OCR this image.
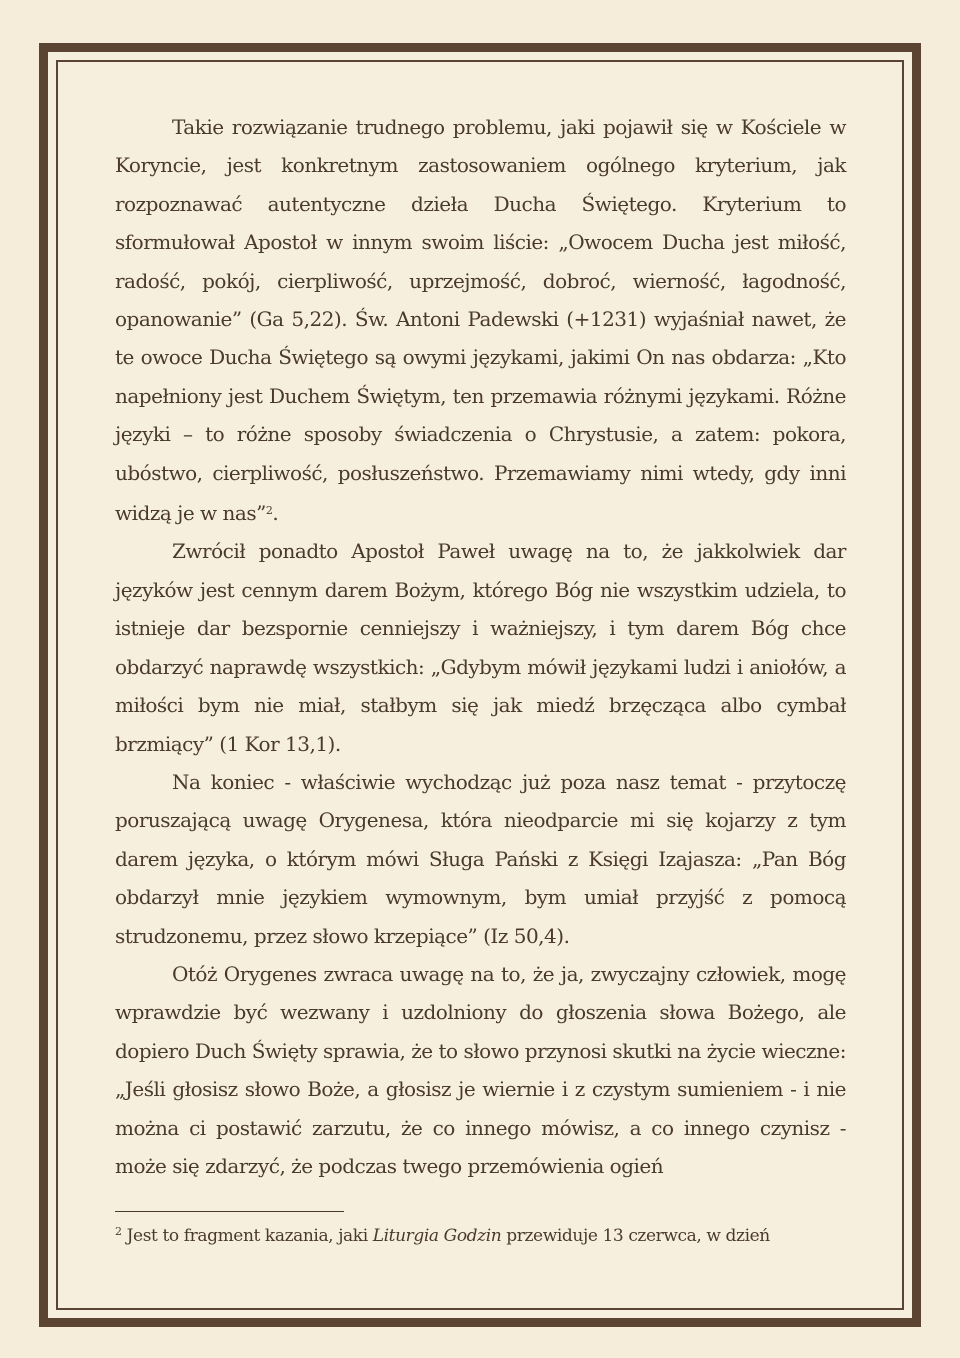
Takie rozwiązanie trudnego problemu, jaki pojawił się w Kościele w Koryncie, jest konkretnym zastosowaniem ogólnego kryterium, jak rozpoznawać autentyczne dzieła Ducha Świętego. Kryterium to sformułował Apostoł w innym swoim liście: „Owocem Ducha jest miłość, radość, pokój, cierpliwość, uprzejmość, dobroć, wierność, łagodność, opanowanie” (Ga 5,22). Św. Antoni Padewski (+1231) wyjaśniał nawet, że te owoce Ducha Świętego są owymi językami, jakimi On nas obdarza: „Kto napełniony jest Duchem Świętym, ten przemawia różnymi językami. Różne języki – to różne sposoby świadczenia o Chrystusie, a zatem: pokora, ubóstwo, cierpliwość, posłuszeństwo. Przemawiamy nimi wtedy, gdy inni widzą je w nas”$^2$.

Zwrócił ponadto Apostoł Paweł uwagę na to, że jakkolwiek dar języków jest cennym darem Bożym, którego Bóg nie wszystkim udziela, to istnieje dar bezspornie cenniejszy i ważniejszy, i tym darem Bóg chce obdarzyć naprawdę wszystkich: „Gdybym mówił językami ludzi i aniołów, a miłości bym nie miał, stałbym się jak miedź brzęcząca albo cymbał brzmiący” (1 Kor 13,1).

Na koniec - właściwie wychodząc już poza nasz temat - przytoczę poruszającą uwagę Orygenesa, która nieodparcie mi się kojarzy z tym darem języka, o którym mówi Sługa Pański z Księgi Izajasza: „Pan Bóg obdarzył mnie językiem wymownym, bym umiał przyjść z pomocą strudzonemu, przez słowo krzepiące” (Iz 50,4).

Otóż Orygenes zwraca uwagę na to, że ja, zwyczajny człowiek, mogę wprawdzie być wezwany i uzdolniony do głoszenia słowa Bożego, ale dopiero Duch Święty sprawia, że to słowo przynosi skutki na życie wieczne: „Jeśli głosisz słowo Boże, a głosisz je wiernie i z czystym sumieniem - i nie można ci postawić zarzutu, że co innego mówisz, a co innego czynisz - może się zdarzyć, że podczas twego przemówienia ogień

$^2$ Jest to fragment kazania, jaki Liturgia Godzin przewiduje 13 czerwca, w dzień
